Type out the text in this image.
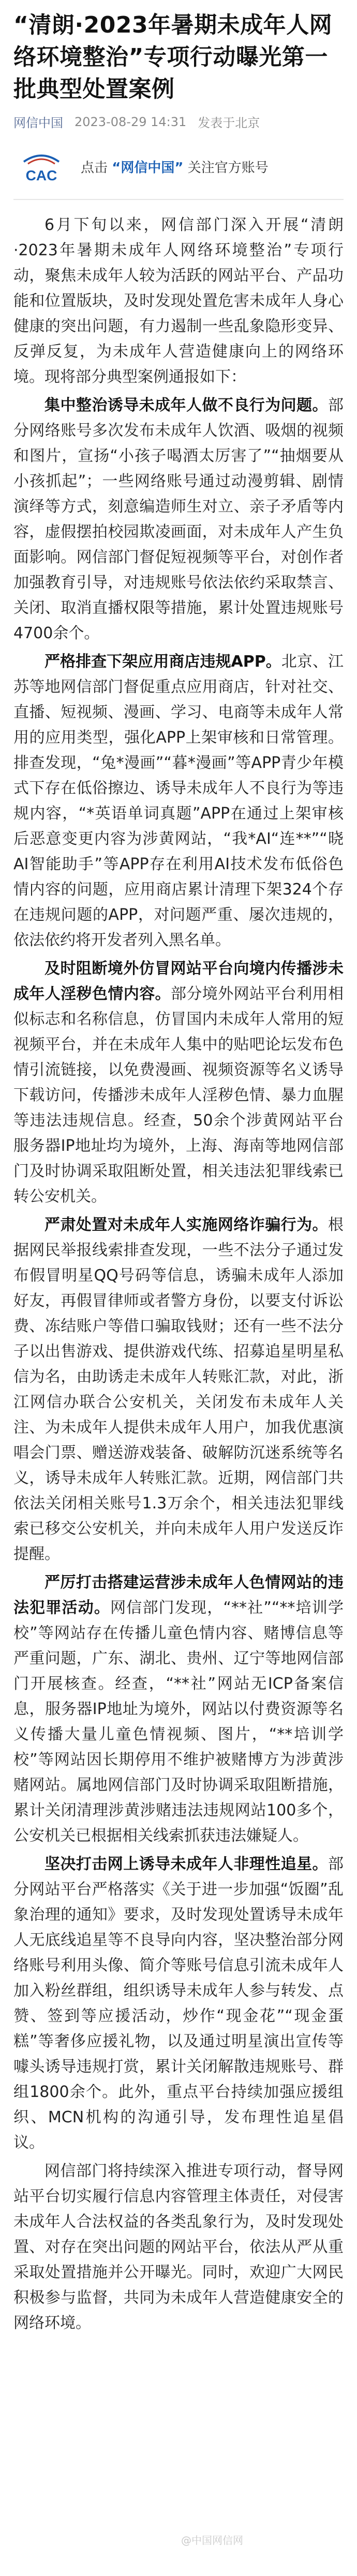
“清朗·2023年暑期未成年人网络环境整治”专项行动曝光第一批典型处置案例
网信中国 2023-08-29 14:31 发表于北京
CAC 点击 “网信中国” 关注官方账号

6月下旬以来，网信部门深入开展“清朗·2023年暑期未成年人网络环境整治”专项行动，聚焦未成年人较为活跃的网站平台、产品功能和位置版块，及时发现处置危害未成年人身心健康的突出问题，有力遏制一些乱象隐形变异、反弹反复，为未成年人营造健康向上的网络环境。现将部分典型案例通报如下：

集中整治诱导未成年人做不良行为问题。部分网络账号多次发布未成年人饮酒、吸烟的视频和图片，宣扬“小孩子喝酒太厉害了”“抽烟要从小孩抓起”；一些网络账号通过动漫剪辑、剧情演绎等方式，刻意编造师生对立、亲子矛盾等内容，虚假摆拍校园欺凌画面，对未成年人产生负面影响。网信部门督促短视频等平台，对创作者加强教育引导，对违规账号依法依约采取禁言、关闭、取消直播权限等措施，累计处置违规账号4700余个。

严格排查下架应用商店违规APP。北京、江苏等地网信部门督促重点应用商店，针对社交、直播、短视频、漫画、学习、电商等未成年人常用的应用类型，强化APP上架审核和日常管理。排查发现，“兔*漫画”“暮*漫画”等APP青少年模式下存在低俗擦边、诱导未成年人不良行为等违规内容，“*英语单词真题”APP在通过上架审核后恶意变更内容为涉黄网站，“我*AI“连**”“晓AI智能助手”等APP存在利用AI技术发布低俗色情内容的问题，应用商店累计清理下架324个存在违规问题的APP，对问题严重、屡次违规的，依法依约将开发者列入黑名单。

及时阻断境外仿冒网站平台向境内传播涉未成年人淫秽色情内容。部分境外网站平台利用相似标志和名称信息，仿冒国内未成年人常用的短视频平台，并在未成年人集中的贴吧论坛发布色情引流链接，以免费漫画、视频资源等名义诱导下载访问，传播涉未成年人淫秽色情、暴力血腥等违法违规信息。经查，50余个涉黄网站平台服务器IP地址均为境外，上海、海南等地网信部门及时协调采取阻断处置，相关违法犯罪线索已转公安机关。

严肃处置对未成年人实施网络诈骗行为。根据网民举报线索排查发现，一些不法分子通过发布假冒明星QQ号码等信息，诱骗未成年人添加好友，再假冒律师或者警方身份，以要支付诉讼费、冻结账户等借口骗取钱财；还有一些不法分子以出售游戏、提供游戏代练、招募追星明星私信为名，由助诱走未成年人转账汇款，对此，浙江网信办联合公安机关，关闭发布未成年人关注、为未成年人提供未成年人用户，加我优惠演唱会门票、赠送游戏装备、破解防沉迷系统等名义，诱导未成年人转账汇款。近期，网信部门共依法关闭相关账号1.3万余个，相关违法犯罪线索已移交公安机关，并向未成年人用户发送反诈提醒。

严厉打击搭建运营涉未成年人色情网站的违法犯罪活动。网信部门发现，“**社”“**培训学校”等网站存在传播儿童色情内容、赌博信息等严重问题，广东、湖北、贵州、辽宁等地网信部门开展核查。经查，“**社”网站无ICP备案信息，服务器IP地址为境外，网站以付费资源等名义传播大量儿童色情视频、图片，“**培训学校”等网站因长期停用不维护被赌博方为涉黄涉赌网站。属地网信部门及时协调采取阻断措施，累计关闭清理涉黄涉赌违法违规网站100多个，公安机关已根据相关线索抓获违法嫌疑人。

坚决打击网上诱导未成年人非理性追星。部分网站平台严格落实《关于进一步加强“饭圈”乱象治理的通知》要求，及时发现处置诱导未成年人无底线追星等不良导向内容，坚决整治部分网络账号利用头像、简介等账号信息引流未成年人加入粉丝群组，组织诱导未成年人参与转发、点赞、签到等应援活动，炒作“现金花”“现金蛋糕”等奢侈应援礼物，以及通过明星演出宣传等噱头诱导违规打赏，累计关闭解散违规账号、群组1800余个。此外，重点平台持续加强应援组织、MCN机构的沟通引导，发布理性追星倡议。

网信部门将持续深入推进专项行动，督导网站平台切实履行信息内容管理主体责任，对侵害未成年人合法权益的各类乱象行为，及时发现处置、对存在突出问题的网站平台，依法从严从重采取处置措施并公开曝光。同时，欢迎广大网民积极参与监督，共同为未成年人营造健康安全的网络环境。

@中国网信网
